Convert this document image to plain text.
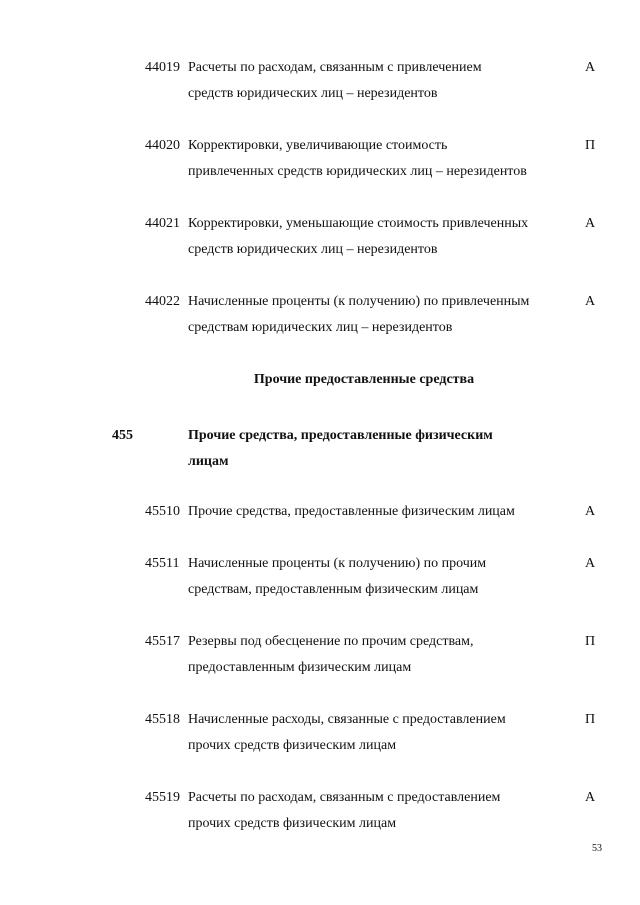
44019 Расчеты по расходам, связанным с привлечением
средств юридических лиц – нерезидентов
А
44020 Корректировки, увеличивающие стоимость
привлеченных средств юридических лиц – нерезидентов
П
44021 Корректировки, уменьшающие стоимость привлеченных
средств юридических лиц – нерезидентов
А
44022 Начисленные проценты (к получению) по привлеченным
средствам юридических лиц – нерезидентов
А
Прочие предоставленные средства
455	Прочие средства, предоставленные физическим
лицам
45510 Прочие средства, предоставленные физическим лицам	А
45511 Начисленные проценты (к получению) по прочим
средствам, предоставленным физическим лицам
А
45517 Резервы под обесценение по прочим средствам,
предоставленным физическим лицам
П
45518 Начисленные расходы, связанные с предоставлением
прочих средств физическим лицам
П
45519 Расчеты по расходам, связанным с предоставлением
прочих средств физическим лицам
А
53
